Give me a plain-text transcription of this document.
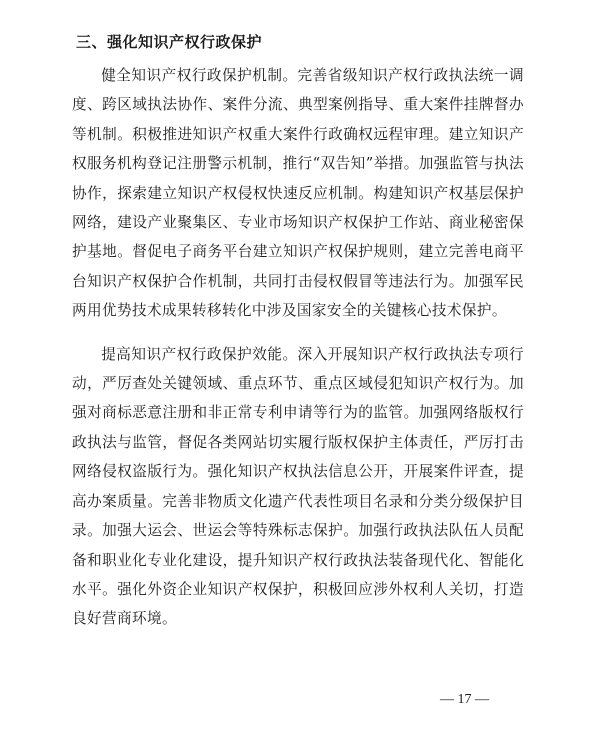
三、强化知识产权行政保护

健全知识产权行政保护机制。完善省级知识产权行政执法统一调度、跨区域执法协作、案件分流、典型案例指导、重大案件挂牌督办等机制。积极推进知识产权重大案件行政确权远程审理。建立知识产权服务机构登记注册警示机制，推行“双告知”举措。加强监管与执法协作，探索建立知识产权侵权快速反应机制。构建知识产权基层保护网络，建设产业聚集区、专业市场知识产权保护工作站、商业秘密保护基地。督促电子商务平台建立知识产权保护规则，建立完善电商平台知识产权保护合作机制，共同打击侵权假冒等违法行为。加强军民两用优势技术成果转移转化中涉及国家安全的关键核心技术保护。

提高知识产权行政保护效能。深入开展知识产权行政执法专项行动，严厉查处关键领域、重点环节、重点区域侵犯知识产权行为。加强对商标恶意注册和非正常专利申请等行为的监管。加强网络版权行政执法与监管，督促各类网站切实履行版权保护主体责任，严厉打击网络侵权盗版行为。强化知识产权执法信息公开，开展案件评查，提高办案质量。完善非物质文化遗产代表性项目名录和分类分级保护目录。加强大运会、世运会等特殊标志保护。加强行政执法队伍人员配备和职业化专业化建设，提升知识产权行政执法装备现代化、智能化水平。强化外资企业知识产权保护，积极回应涉外权利人关切，打造良好营商环境。

— 17 —
